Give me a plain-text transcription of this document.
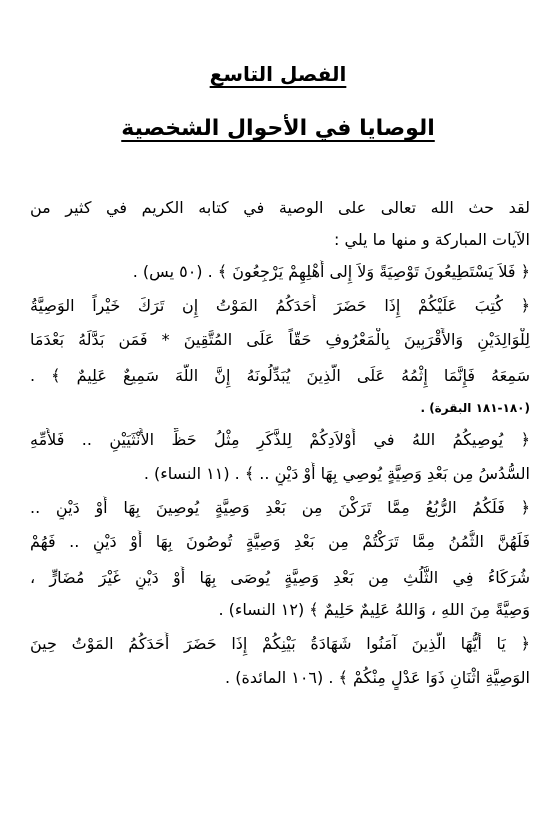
الفصل التاسع
الوصايا في الأحوال الشخصية
لقد حث الله تعالى على الوصية في كتابه الكريم في كثير من
الآيات المباركة و منها ما يلي :
﴿ فَلاَ يَسْتَطِيعُونَ تَوْصِيَةً وَلاَ إِلى أَهْلِهِمْ يَرْجِعُونَ ﴾ . (٥٠ يس) .
﴿ كُتِبَ عَلَيْكُمْ إِذَا حَضَرَ أَحَدَكُمُ المَوْتُ إِن تَرَكَ خَيْراً الوَصِيَّةُ
لِلْوَالِدَيْنِ وَالأَقْرَبِينَ بِالْمَعْرُوفِ حَقّاً عَلَى المُتَّقِينَ * فَمَن بَدَّلَهُ بَعْدَمَا
سَمِعَهُ فَإِنَّمَا إِثْمُهُ عَلَى الَّذِينَ يُبَدِّلُونَهُ إِنَّ اللَّهَ سَمِيعٌ عَلِيمٌ ﴾ .
(١٨٠-١٨١ البقرة) .
﴿ يُوصِيكُمُ اللهُ في أَوْلاَدِكُمْ لِلذَّكَرِ مِثْلُ حَظِّ الأُنْثَيَيْنِ .. فَلأُمِّهِ
السُّدُسُ مِن بَعْدِ وَصِيَّةٍ يُوصِي بِهَا أَوْ دَيْنٍ .. ﴾ . (١١ النساء) .
﴿ فَلَكُمُ الرُّبُعُ مِمَّا تَرَكْنَ مِن بَعْدِ وَصِيَّةٍ يُوصِينَ بِهَا أَوْ دَيْنٍ ..
فَلَهُنَّ الثُّمُنُ مِمَّا تَرَكْتُمْ مِن بَعْدِ وَصِيَّةٍ تُوصُونَ بِهَا أَوْ دَيْنٍ .. فَهُمْ
شُرَكَاءُ فِي الثُّلُثِ مِن بَعْدِ وَصِيَّةٍ يُوصَى بِهَا أَوْ دَيْنٍ غَيْرَ مُضَارٍّ ،
وَصِيَّةً مِنَ اللهِ ، وَاللهُ عَلِيمٌ حَلِيمٌ ﴾ (١٢ النساء) .
﴿ يَا أَيُّهَا الَّذِينَ آمَنُوا شَهَادَةُ بَيْنِكُمْ إِذَا حَضَرَ أَحَدَكُمُ المَوْتُ حِينَ
الوَصِيَّةِ اثْنَانِ ذَوَا عَدْلٍ مِنْكُمْ ﴾ . (١٠٦ المائدة) .
